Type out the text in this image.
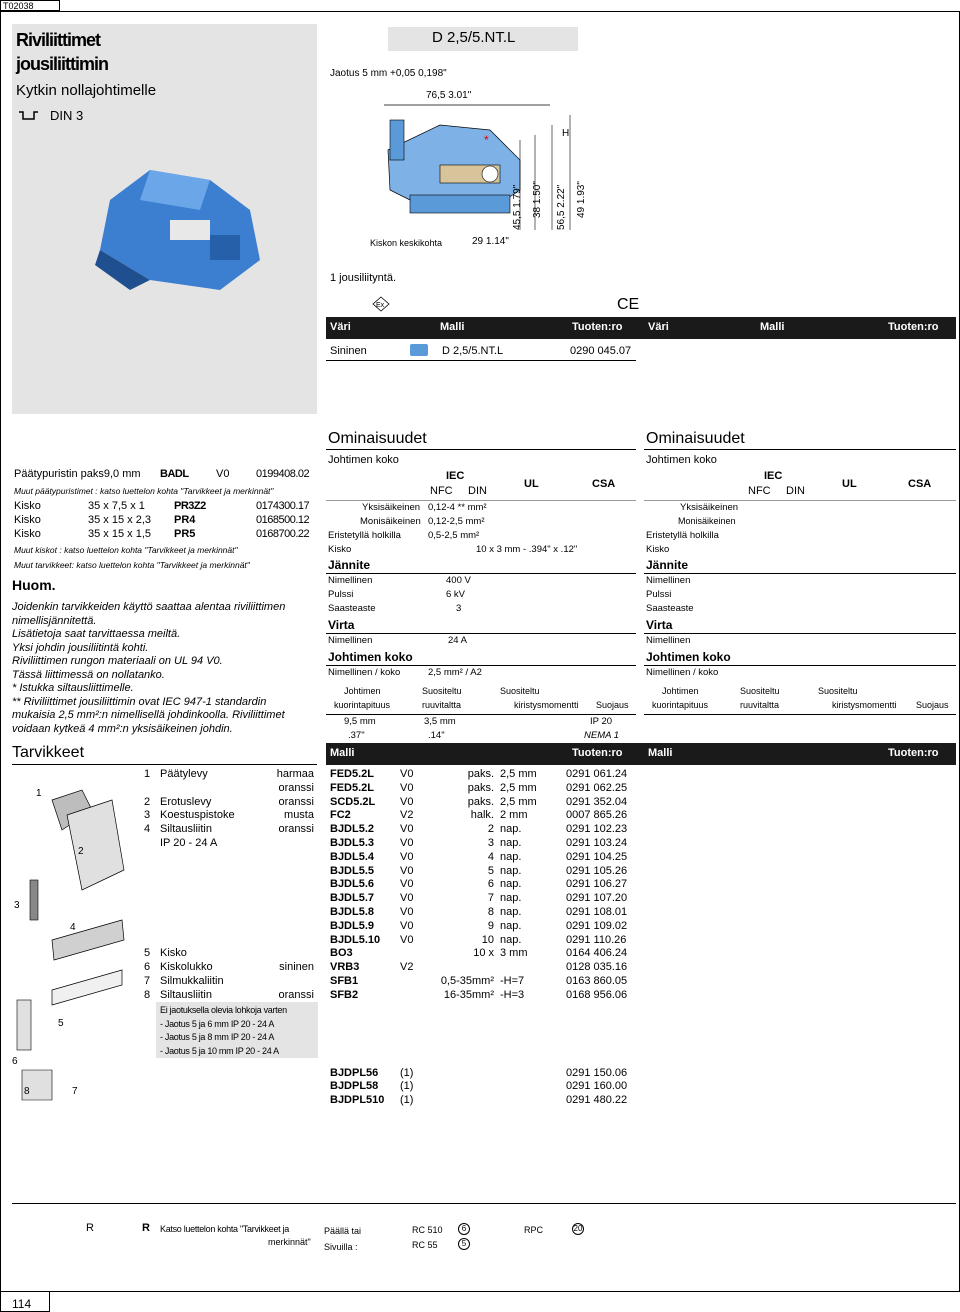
T02038
Riviliittimet
jousiliittimin
Kytkin nollajohtimelle
DIN 3
D 2,5/5.NT.L
Jaotus 5 mm +0,05 0,198"
76,5 3.01"
*	H
45,5 1.79" 38 1.50" 56,5 2.22" 49 1.93"
Kiskon keskikohta	29 1.14"
1 jousiliityntä.
Ex	CE
Väri	Malli	Tuoten:ro Väri	Malli	Tuoten:ro
Sininen	D 2,5/5.NT.L	0290 045.07
Päätypuristin paks9,0 mm BADL V0 0199408.02
Muut päätypuristimet : katso luettelon kohta "Tarvikkeet ja merkinnät"
Kisko	35 x 7,5 x 1	PR3Z2	0174300.17
Kisko	35 x 15 x 2,3 PR4	0168500.12
Kisko	35 x 15 x 1,5 PR5	0168700.22
Muut kiskot : katso luettelon kohta "Tarvikkeet ja merkinnät"
Muut tarvikkeet: katso luettelon kohta "Tarvikkeet ja merkinnät"
Huom.
Joidenkin tarvikkeiden käyttö saattaa alentaa riviliittimen
nimellisjännitettä.
Lisätietoja saat tarvittaessa meiltä.
Yksi johdin jousiliitintä kohti.
Riviliittimen rungon materiaali on UL 94 V0.
Tässä liittimessä on nollatanko.
* Istukka siltausliittimelle.
** Riviliittimet jousiliittimin ovat IEC 947-1 standardin
mukaisia 2,5 mm²:n nimellisellä johdinkoolla. Riviliittimet
voidaan kytkeä 4 mm²:n yksisäikeinen johdin.
Ominaisuudet
Johtimen koko
IEC
NFC DIN
UL	CSA
Yksisäikeinen 0,12-4 ** mm²
Monisäikeinen 0,12-2,5 mm²
Eristetyllä holkilla	0,5-2,5 mm²
Kisko	10 x 3 mm - .394" x .12"
Jännite
Nimellinen	400 V
Pulssi	6 kV
Saasteaste	3
Virta
Nimellinen	24 A
Johtimen koko
Nimellinen / koko	2,5 mm² / A2
Johtimen
kuorintapituus
Suositeltu
ruuvitaltta
Suositeltu
kiristysmomentti Suojaus
9,5 mm
.37"
3,5 mm
.14"
IP 20
NEMA 1
Ominaisuudet
Johtimen koko
IEC
NFC DIN
UL	CSA
Yksisäikeinen
Monisäikeinen
Eristetyllä holkilla
Kisko
Jännite
Nimellinen
Pulssi
Saasteaste
Virta
Nimellinen
Johtimen koko
Nimellinen / koko
Johtimen
kuorintapituus
Suositeltu
ruuvitaltta
Suositeltu
kiristysmomentti Suojaus
Tarvikkeet	Malli	Tuoten:ro Malli	Tuoten:ro
1
2
3
4
5
6
7
8
1 Päätylevy	harmaa FED5.2L V0	paks. 2,5 mm	0291 061.24
oranssi FED5.2L V0	paks. 2,5 mm	0291 062.25
2 Erotuslevy	oranssi SCD5.2L V0	paks. 2,5 mm	0291 352.04
3 Koestuspistoke	musta FC2	V2	halk. 2 mm	0007 865.26
4 Siltausliitin	oranssi BJDL5.2 V0	2 nap.	0291 102.23
IP 20 - 24 A	BJDL5.3 V0	3 nap.	0291 103.24
BJDL5.4 V0	4 nap.	0291 104.25
BJDL5.5 V0	5 nap.	0291 105.26
BJDL5.6 V0	6 nap.	0291 106.27
BJDL5.7 V0	7 nap.	0291 107.20
BJDL5.8 V0	8 nap.	0291 108.01
BJDL5.9 V0	9 nap.	0291 109.02
BJDL5.10 V0	10 nap.	0291 110.26
5 Kisko	BO3	10 x 3 mm	0164 406.24
6 Kiskolukko	sininen VRB3	V2	0128 035.16
7 Silmukkaliitin	SFB1	0,5-35mm² -H=7	0163 860.05
8 Siltausliitin	oranssi SFB2	16-35mm² -H=3	0168 956.06
BJDPL56 (1)	0291 150.06
BJDPL58 (1)	0291 160.00
BJDPL510 (1)	0291 480.22
Ei jaotuksella olevia lohkoja varten
- Jaotus 5 ja 6 mm IP 20 - 24 A
- Jaotus 5 ja 8 mm IP 20 - 24 A
- Jaotus 5 ja 10 mm IP 20 - 24 A
R	R Katso luettelon kohta "Tarvikkeet ja
merkinnät"
Päällä tai
Sivuilla :
RC 510	6	RPC	20
RC 55	5
114
